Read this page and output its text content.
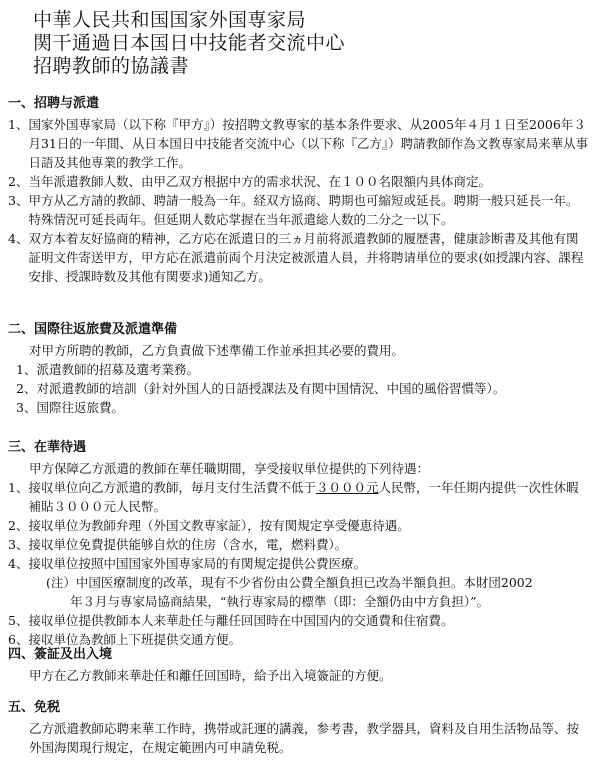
中華人民共和国国家外国専家局
関干通過日本国日中技能者交流中心
招聘教師的協議書
一、招聘与派遣
1、 国家外国専家局（以下称『甲方』）按招聘文教専家的基本条件要求、从2005年４月１日至2006年３月31日的一年間、从日本国日中技能者交流中心（以下称『乙方』）聘請教師作為文教専家局来華从事日語及其他専業的教学工作。
2、 当年派遣教師人数、由甲乙双方根据中方的需求状況、在１００名限額内具体商定。
3、 甲方从乙方請的教師、聘請一般為一年。経双方協商、聘期也可縮短或延長。聘期一般只延長一年。特殊情況可延長両年。但延期人数応掌握在当年派遣総人数的二分之一以下。
4、 双方本着友好協商的精神，乙方応在派遣日的三ヵ月前将派遣教師的履歴書，健康診断書及其他有関証明文件寄送甲方，甲方応在派遣前両个月決定被派遣人員，并将聘请単位的要求(如授課内容、課程安排、授課時数及其他有関要求)通知乙方。
二、国際往返旅費及派遣準備
对甲方所聘的教師，乙方負責做下述準備工作並承担其必要的費用。
1、 派遣教師的招募及選考業務。
2、 对派遣教師的培訓（針対外国人的日語授課法及有関中国情況、中国的風俗習慣等）。
3、 国際往返旅費。
三、在華待遇
甲方保障乙方派遣的教師在華任職期間，享受接収単位提供的下列待遇：
1、 接収単位向乙方派遣的教師，毎月支付生活費不低于３０００元人民幣，一年任期内提供一次性休暇補貼３０００元人民幣。
2、 接収単位为教師弁理（外国文教専家証），按有関規定享受優恵待遇。
3、 接収単位免費提供能够自炊的住房（含水，電，燃料費）。
4、 接収単位按照中国国家外国専家局的有関規定提供公費医療。
(注）中国医療制度的改革，現有不少省份由公費全額負担已改為半額負担。本財団2002
年３月与専家局協商結果，“執行専家局的標準（即：全額仍由中方負担）”。
5、 接収単位提供教師本人来華赴任与離任回国時在中国国内的交通費和住宿費。
6、 接収単位為教師上下班提供交通方便。
四、簽証及出入境
甲方在乙方教師来華赴任和離任回国時，給予出入境簽証的方便。
五、免税
乙方派遣教師応聘来華工作時，携帯或託運的講義，参考書，教学器具，資料及自用生活物品等、按外国海関現行規定，在規定範囲内可申請免税。
